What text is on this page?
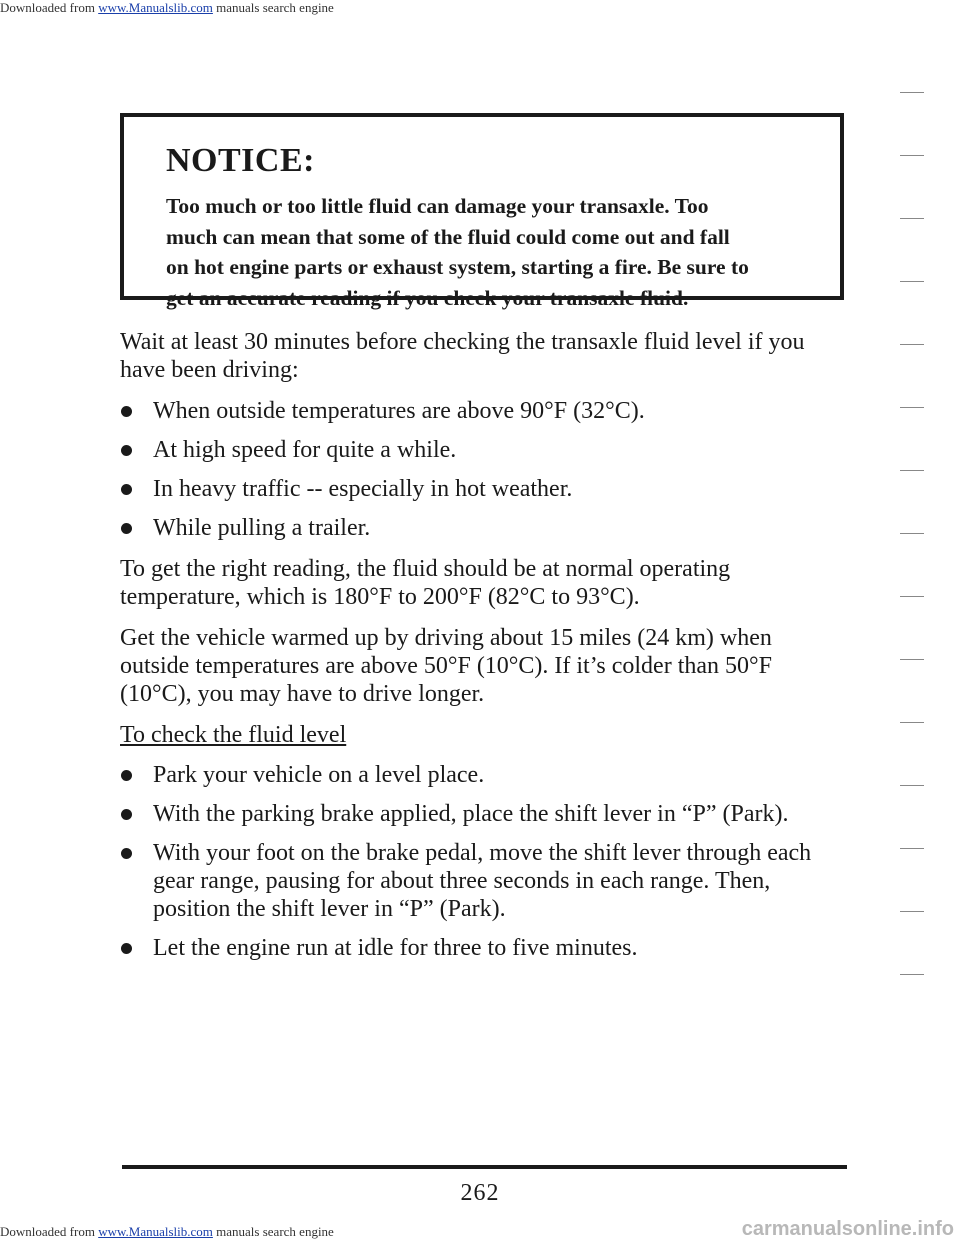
Downloaded from www.Manualslib.com manuals search engine

NOTICE:

Too much or too little fluid can damage your transaxle. Too
much can mean that some of the fluid could come out and fall
on hot engine parts or exhaust system, starting a fire. Be sure to
get an accurate reading if you check your transaxle fluid.

Wait at least 30 minutes before checking the transaxle fluid level if you
have been driving:

When outside temperatures are above 90°F (32°C).
At high speed for quite a while.
In heavy traffic -- especially in hot weather.
While pulling a trailer.

To get the right reading, the fluid should be at normal operating
temperature, which is 180°F to 200°F (82°C to 93°C).

Get the vehicle warmed up by driving about 15 miles (24 km) when
outside temperatures are above 50°F (10°C). If it’s colder than 50°F
(10°C), you may have to drive longer.

To check the fluid level

Park your vehicle on a level place.
With the parking brake applied, place the shift lever in “P” (Park).
With your foot on the brake pedal, move the shift lever through each
gear range, pausing for about three seconds in each range. Then,
position the shift lever in “P” (Park).
Let the engine run at idle for three to five minutes.
262
Downloaded from www.Manualslib.com manuals search engine	carmanualsonline.info
